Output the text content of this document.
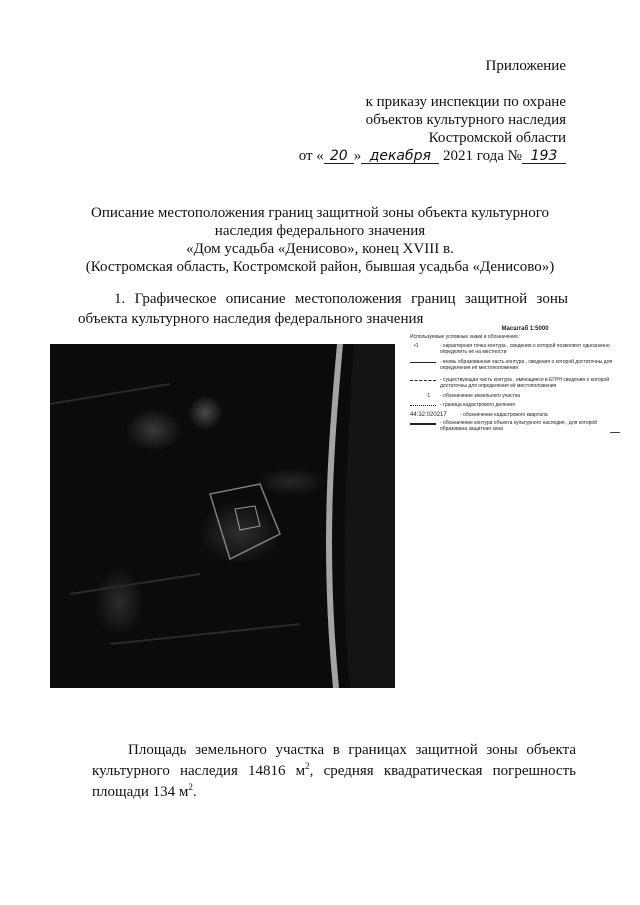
Приложение
к приказу инспекции по охране
объектов культурного наследия
Костромской области
от « 20 » декабря 2021 года № 193
Описание местоположения границ защитной зоны объекта культурного
наследия федерального значения
«Дом усадьба «Денисово», конец XVIII в.
(Костромская область, Костромской район, бывшая усадьба «Денисово»)
1. Графическое описание местоположения границ защитной зоны
объекта культурного наследия федерального значения
Масштаб 1:5000
Используемые условные знаки и обозначения :
•1	- характерная точка контура , сведения о которой позволяют однозначно определить её на местности
- вновь образованная часть контура , сведения о которой достаточны для определения её местоположения
- существующая часть контура , имеющиеся в ЕГРН сведения о которой достаточны для определения её местоположения
:1 - обозначение земельного участка
- граница кадастрового деления
44:32:020217	- обозначение кадастрового квартала
- обозначение контура объекта культурного наследия , для которой образована защитная зона
Площадь земельного участка в границах защитной зоны объекта
культурного наследия 14816 $м^2$, средняя квадратическая погрешность
площади 134 $м^2$.
